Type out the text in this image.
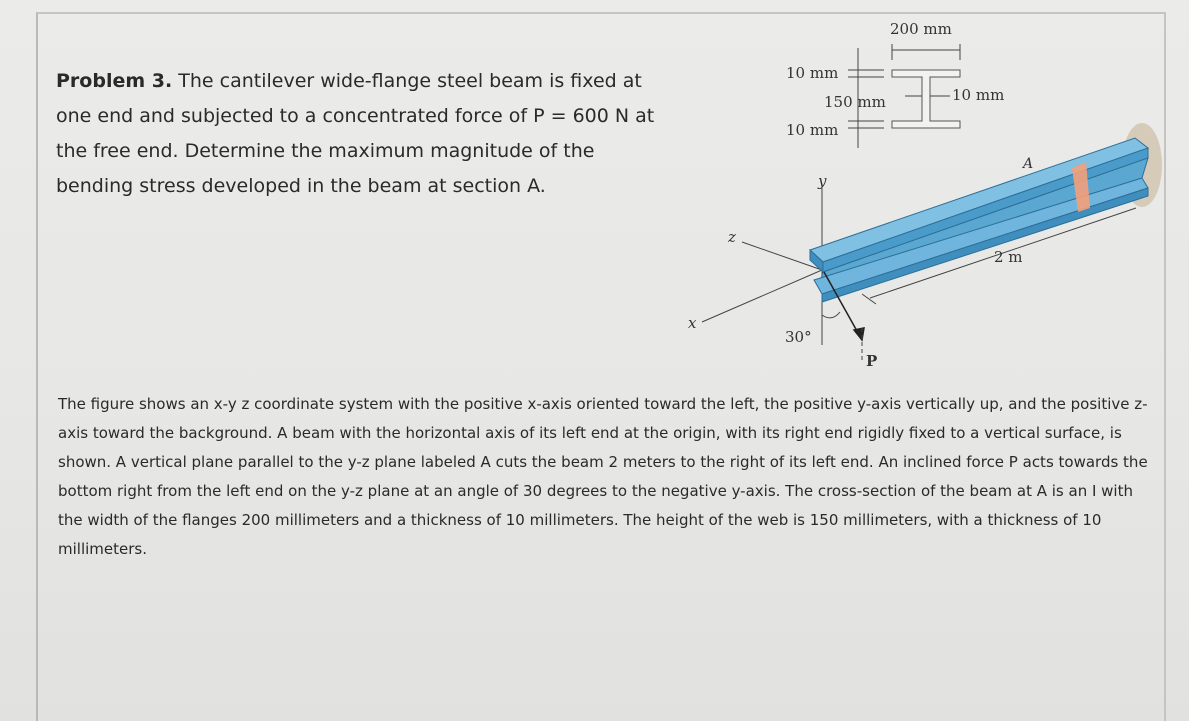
Problem 3. The cantilever wide-flange steel beam is fixed at one end and subjected to a concentrated force of P = 600 N at the free end. Determine the maximum magnitude of the bending stress developed in the beam at section A.
200 mm
10 mm
150 mm
10 mm
10 mm
y
z
x
A
2 m
30°
P
The figure shows an x-y z coordinate system with the positive x-axis oriented toward the left, the positive y-axis vertically up, and the positive z-axis toward the background. A beam with the horizontal axis of its left end at the origin, with its right end rigidly fixed to a vertical surface, is shown. A vertical plane parallel to the y-z plane labeled A cuts the beam 2 meters to the right of its left end. An inclined force P acts towards the bottom right from the left end on the y-z plane at an angle of 30 degrees to the negative y-axis. The cross-section of the beam at A is an I with the width of the flanges 200 millimeters and a thickness of 10 millimeters. The height of the web is 150 millimeters, with a thickness of 10 millimeters.
